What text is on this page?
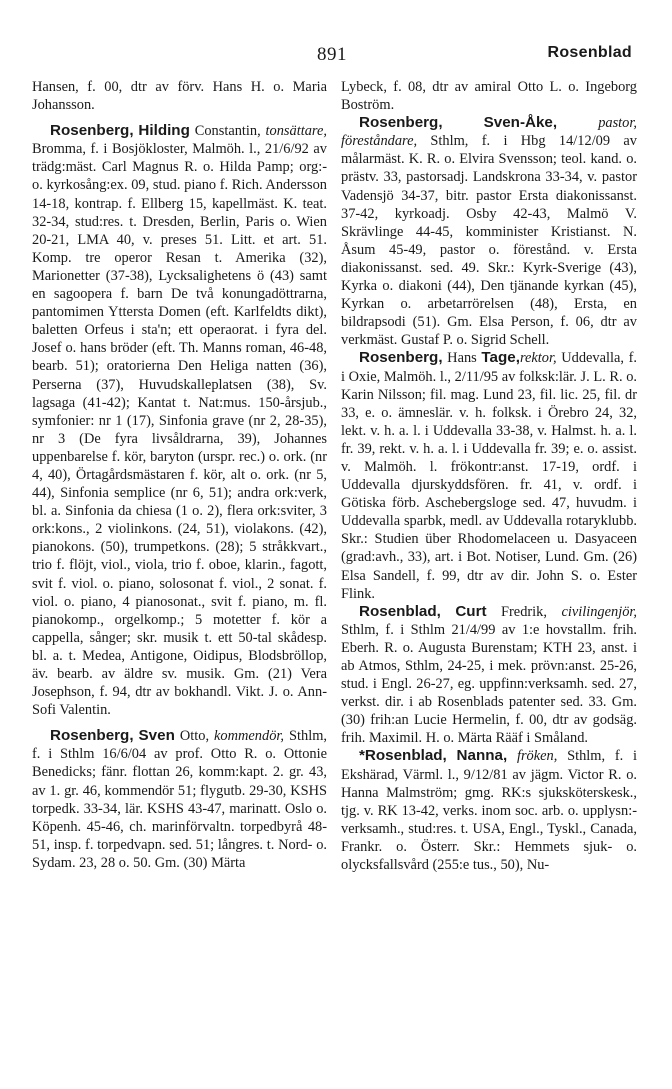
891	Rosenblad

Hansen, f. 00, dtr av förv. Hans H. o. Maria Johansson.

Rosenberg, Hilding Constantin, tonsättare, Bromma, f. i Bosjökloster, Malmöh. l., 21/6/92 av trädg:mäst. Carl Magnus R. o. Hilda Pamp; org:- o. kyrkosång:ex. 09, stud. piano f. Rich. Andersson 14-18, kontrap. f. Ellberg 15, kapellmäst. K. teat. 32-34, stud:res. t. Dresden, Berlin, Paris o. Wien 20-21, LMA 40, v. preses 51. Litt. et art. 51. Komp. tre operor Resan t. Amerika (32), Marionetter (37-38), Lycksalighetens ö (43) samt en sagoopera f. barn De två konungadöttrarna, pantomimen Ytterstа Domen (eft. Karlfeldts dikt), baletten Orfeus i sta'n; ett operaorat. i fyra del. Josef o. hans bröder (eft. Th. Manns roman, 46-48, bearb. 51); oratorierna Den Heliga natten (36), Perserna (37), Huvudskalleplatsen (38), Sv. lagsaga (41-42); Kantat t. Nat:mus. 150-årsjub., symfonier: nr 1 (17), Sinfonia grave (nr 2, 28-35), nr 3 (De fyra livsåldrarna, 39), Johannes uppenbarelse f. kör, baryton (urspr. rec.) o. ork. (nr 4, 40), Örtagårdsmästaren f. kör, alt o. ork. (nr 5, 44), Sinfonia semplice (nr 6, 51); andra ork:verk, bl. a. Sinfonia da chiesa (1 o. 2), flera ork:sviter, 3 ork:kons., 2 violinkons. (24, 51), violakons. (42), pianokons. (50), trumpetkons. (28); 5 stråkkvart., trio f. flöjt, viol., viola, trio f. oboe, klarin., fagott, svit f. viol. o. piano, solosonat f. viol., 2 sonat. f. viol. o. piano, 4 pianosonat., svit f. piano, m. fl. pianokomp., orgelkomp.; 5 motetter f. kör a cappella, sånger; skr. musik t. ett 50-tal skådesp. bl. a. t. Medea, Antigone, Oidipus, Blodsbröllop, äv. bearb. av äldre sv. musik. Gm. (21) Vera Josephson, f. 94, dtr av bokhandl. Vikt. J. o. Ann-Sofi Valentin.

Rosenberg, Sven Otto, kommendör, Sthlm, f. i Sthlm 16/6/04 av prof. Otto R. o. Ottonie Benedicks; fänr. flottan 26, komm:kapt. 2. gr. 43, av 1. gr. 46, kommendör 51; flygutb. 29-30, KSHS torpedk. 33-34, lär. KSHS 43-47, marinatt. Oslo o. Köpenh. 45-46, ch. marinförvaltn. torpedbyrå 48-51, insp. f. torpedvapn. sed. 51; långres. t. Nord- o. Sydam. 23, 28 o. 50. Gm. (30) Märta

Lybeck, f. 08, dtr av amiral Otto L. o. Ingeborg Boström.

Rosenberg,	Sven-Åke,	pastor, föreståndare, Sthlm, f. i Hbg 14/12/09 av målarmäst. K. R. o. Elvira Svensson; teol. kand. o. prästv. 33, pastorsadj. Landskrona 33-34, v. pastor Vadensjö 34-37, bitr. pastor Ersta diakonissanst. 37-42, kyrkoadj. Osby 42-43, Malmö V. Skrävlinge 44-45, komminister Kristianst. N. Åsum 45-49, pastor o. förestånd. v. Ersta diakonissanst. sed. 49. Skr.: Kyrk-Sverige (43), Kyrka o. diakoni (44), Den tjänande kyrkan (45), Kyrkan o. arbetarrörelsen (48), Ersta, en bildrapsodi (51). Gm. Elsa Person, f. 06, dtr av verkmäst. Gustaf P. o. Sigrid Schell.

Rosenberg, Hans Tage,rektor, Uddevalla, f. i Oxie, Malmöh. l., 2/11/95 av folksk:lär. J. L. R. o. Karin Nilsson; fil. mag. Lund 23, fil. lic. 25, fil. dr 33, e. o. ämneslär. v. h. folksk. i Örebro 24, 32, lekt. v. h. a. l. i Uddevalla 33-38, v. Halmst. h. a. l. fr. 39, rekt. v. h. a. l. i Uddevalla fr. 39; e. o. assist. v. Malmöh. l. frökontr:anst. 17-19, ordf. i Uddevalla djurskyddsfören. fr. 41, v. ordf. i Götiska förb. Aschebergsloge sed. 47, huvudm. i Uddevalla sparbk, medl. av Uddevalla rotaryklubb. Skr.: Studien über Rhodomelaceen u. Dasyaceen (grad:avh., 33), art. i Bot. Notiser, Lund. Gm. (26) Elsa Sandell, f. 99, dtr av dir. John S. o. Ester Flink.

Rosenblad, Curt Fredrik, civilingenjör, Sthlm, f. i Sthlm 21/4/99 av 1:e hovstallm. frih. Eberh. R. o. Augusta Burenstam; KTH 23, anst. i ab Atmos, Sthlm, 24-25, i mek. prövn:anst. 25-26, stud. i Engl. 26-27, eg. uppfinn:verksamh. sed. 27, verkst. dir. i ab Rosenblads patenter sed. 33. Gm. (30) frih:an Lucie Hermelin, f. 00, dtr av godsäg. frih. Maximil. H. o. Märta Rääf i Småland.

*Rosenblad, Nanna, fröken, Sthlm, f. i Ekshärad, Värml. l., 9/12/81 av jägm. Victor R. o. Hanna Malmström; gmg. RK:s sjuksköterskesk., tjg. v. RK 13-42, verks. inom soc. arb. o. upplysn:-verksamh., stud:res. t. USA, Engl., Tyskl., Canada, Frankr. o. Österr. Skr.: Hemmets sjuk- o. olycksfallsvård (255:e tus., 50), Nu-
